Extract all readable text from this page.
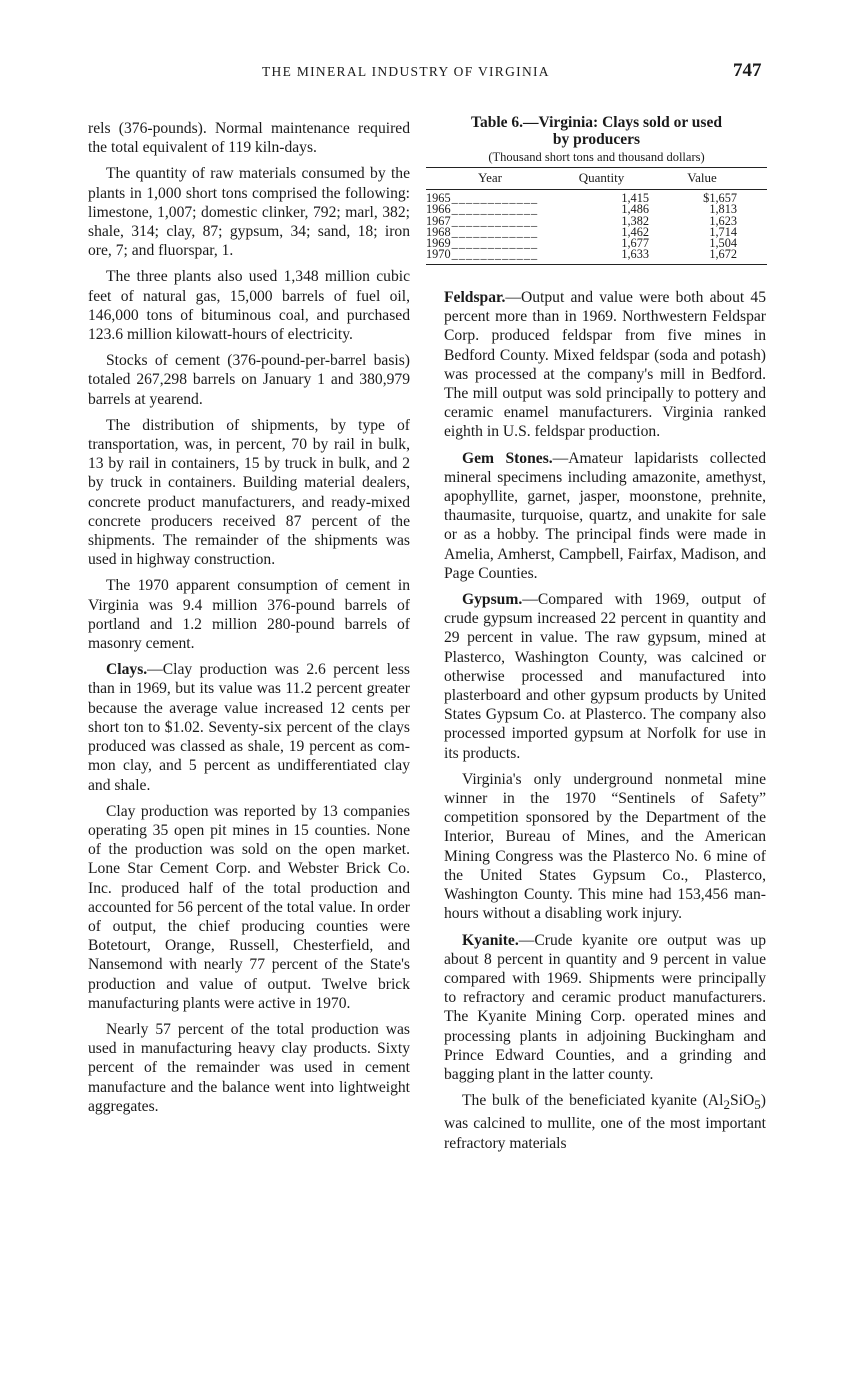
THE MINERAL INDUSTRY OF VIRGINIA	747

rels (376-pounds). Normal maintenance required the total equivalent of 119 kiln-days.

The quantity of raw materials consumed by the plants in 1,000 short tons comprised the following: limestone, 1,007; domestic clinker, 792; marl, 382; shale, 314; clay, 87; gypsum, 34; sand, 18; iron ore, 7; and fluorspar, 1.

The three plants also used 1,348 million cubic feet of natural gas, 15,000 barrels of fuel oil, 146,000 tons of bituminous coal, and purchased 123.6 million kilowatt-hours of electricity.

Stocks of cement (376-pound-per-barrel basis) totaled 267,298 barrels on January 1 and 380,979 barrels at yearend.

The distribution of shipments, by type of transportation, was, in percent, 70 by rail in bulk, 13 by rail in containers, 15 by truck in bulk, and 2 by truck in containers. Building material dealers, concrete product manufacturers, and ready-mixed concrete producers received 87 percent of the shipments. The remainder of the shipments was used in highway construction.

The 1970 apparent consumption of cement in Virginia was 9.4 million 376-pound barrels of portland and 1.2 million 280-pound barrels of masonry cement.

Clays.—Clay production was 2.6 percent less than in 1969, but its value was 11.2 percent greater because the average value increased 12 cents per short ton to $1.02. Seventy-six percent of the clays produced was classed as shale, 19 percent as common clay, and 5 percent as undifferentiated clay and shale.

Clay production was reported by 13 companies operating 35 open pit mines in 15 counties. None of the production was sold on the open market. Lone Star Cement Corp. and Webster Brick Co. Inc. produced half of the total production and accounted for 56 percent of the total value. In order of output, the chief producing counties were Botetourt, Orange, Russell, Chesterfield, and Nansemond with nearly 77 percent of the State's production and value of output. Twelve brick manufacturing plants were active in 1970.

Nearly 57 percent of the total production was used in manufacturing heavy clay products. Sixty percent of the remainder was used in cement manufacture and the balance went into lightweight aggregates.

Table 6.—Virginia: Clays sold or used
by producers
(Thousand short tons and thousand dollars)
Year	Quantity	Value
1965_ _ _ _ _ _ _ _ _ _ _ _	1,415	$1,657
1966_ _ _ _ _ _ _ _ _ _ _ _	1,486	1,813
1967_ _ _ _ _ _ _ _ _ _ _ _	1,382	1,623
1968_ _ _ _ _ _ _ _ _ _ _ _	1,462	1,714
1969_ _ _ _ _ _ _ _ _ _ _ _	1,677	1,504
1970_ _ _ _ _ _ _ _ _ _ _ _	1,633	1,672

Feldspar.—Output and value were both about 45 percent more than in 1969. Northwestern Feldspar Corp. produced feldspar from five mines in Bedford County. Mixed feldspar (soda and potash) was processed at the company's mill in Bedford. The mill output was sold principally to pottery and ceramic enamel manufacturers. Virginia ranked eighth in U.S. feldspar production.

Gem Stones.—Amateur lapidarists collected mineral specimens including amazonite, amethyst, apophyllite, garnet, jasper, moonstone, prehnite, thaumasite, turquoise, quartz, and unakite for sale or as a hobby. The principal finds were made in Amelia, Amherst, Campbell, Fairfax, Madison, and Page Counties.

Gypsum.—Compared with 1969, output of crude gypsum increased 22 percent in quantity and 29 percent in value. The raw gypsum, mined at Plasterco, Washington County, was calcined or otherwise processed and manufactured into plasterboard and other gypsum products by United States Gypsum Co. at Plasterco. The company also processed imported gypsum at Norfolk for use in its products.

Virginia's only underground nonmetal mine winner in the 1970 “Sentinels of Safety” competition sponsored by the Department of the Interior, Bureau of Mines, and the American Mining Congress was the Plasterco No. 6 mine of the United States Gypsum Co., Plasterco, Washington County. This mine had 153,456 man-hours without a disabling work injury.

Kyanite.—Crude kyanite ore output was up about 8 percent in quantity and 9 percent in value compared with 1969. Shipments were principally to refractory and ceramic product manufacturers. The Kyanite Mining Corp. operated mines and processing plants in adjoining Buckingham and Prince Edward Counties, and a grinding and bagging plant in the latter county.

The bulk of the beneficiated kyanite $(Al_2SiO_5)$ was calcined to mullite, one of the most important refractory materials
